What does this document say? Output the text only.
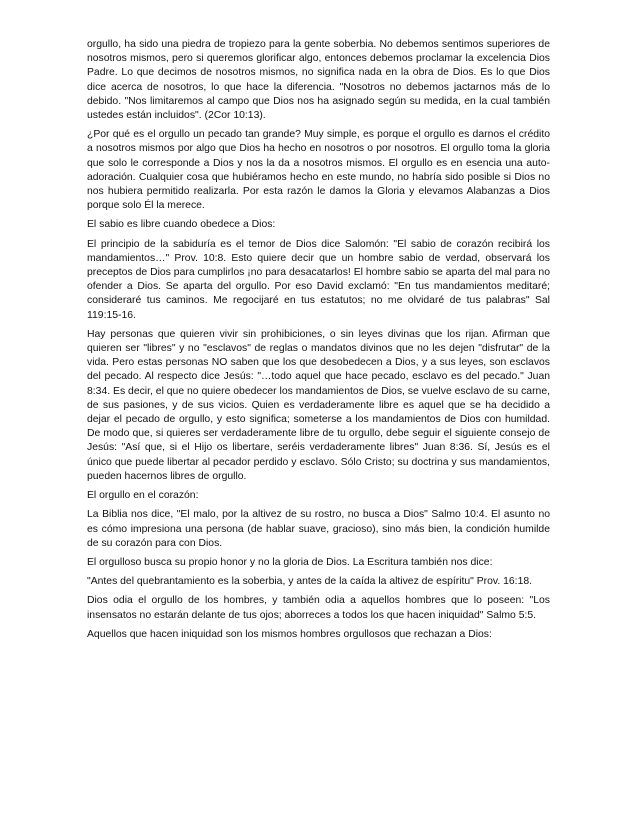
orgullo, ha sido una piedra de tropiezo para la gente soberbia. No debemos sentimos superiores de nosotros mismos, pero si queremos glorificar algo, entonces debemos proclamar la excelencia Dios Padre. Lo que decimos de nosotros mismos, no significa nada en la obra de Dios. Es lo que Dios dice acerca de nosotros, lo que hace la diferencia. "Nosotros no debemos jactarnos más de lo debido. "Nos limitaremos al campo que Dios nos ha asignado según su medida, en la cual también ustedes están incluidos". (2Cor 10:13).

¿Por qué es el orgullo un pecado tan grande? Muy simple, es porque el orgullo es darnos el crédito a nosotros mismos por algo que Dios ha hecho en nosotros o por nosotros. El orgullo toma la gloria que solo le corresponde a Dios y nos la da a nosotros mismos. El orgullo es en esencia una auto-adoración. Cualquier cosa que hubiéramos hecho en este mundo, no habría sido posible si Dios no nos hubiera permitido realizarla. Por esta razón le damos la Gloria y elevamos Alabanzas a Dios porque solo Él la merece.

El sabio es libre cuando obedece a Dios:

El principio de la sabiduría es el temor de Dios dice Salomón: "El sabio de corazón recibirá los mandamientos…" Prov. 10:8. Esto quiere decir que un hombre sabio de verdad, observará los preceptos de Dios para cumplirlos ¡no para desacatarlos! El hombre sabio se aparta del mal para no ofender a Dios. Se aparta del orgullo. Por eso David exclamó: "En tus mandamientos meditaré; consideraré tus caminos. Me regocijaré en tus estatutos; no me olvidaré de tus palabras" Sal 119:15-16.

Hay personas que quieren vivir sin prohibiciones, o sin leyes divinas que los rijan. Afirman que quieren ser "libres" y no "esclavos" de reglas o mandatos divinos que no les dejen "disfrutar" de la vida. Pero estas personas NO saben que los que desobedecen a Dios, y a sus leyes, son esclavos del pecado. Al respecto dice Jesús: "…todo aquel que hace pecado, esclavo es del pecado." Juan 8:34. Es decir, el que no quiere obedecer los mandamientos de Dios, se vuelve esclavo de su carne, de sus pasiones, y de sus vicios. Quien es verdaderamente libre es aquel que se ha decidido a dejar el pecado de orgullo, y esto significa; someterse a los mandamientos de Dios con humildad. De modo que, si quieres ser verdaderamente libre de tu orgullo, debe seguir el siguiente consejo de Jesús: "Así que, si el Hijo os libertare, seréis verdaderamente libres" Juan 8:36. Sí, Jesús es el único que puede libertar al pecador perdido y esclavo. Sólo Cristo; su doctrina y sus mandamientos, pueden hacernos libres de orgullo.

El orgullo en el corazón:

La Biblia nos dice, "El malo, por la altivez de su rostro, no busca a Dios" Salmo 10:4. El asunto no es cómo impresiona una persona (de hablar suave, gracioso), sino más bien, la condición humilde de su corazón para con Dios.

El orgulloso busca su propio honor y no la gloria de Dios. La Escritura también nos dice:

"Antes del quebrantamiento es la soberbia, y antes de la caída la altivez de espíritu" Prov. 16:18.

Dios odia el orgullo de los hombres, y también odia a aquellos hombres que lo poseen: "Los insensatos no estarán delante de tus ojos; aborreces a todos los que hacen iniquidad" Salmo 5:5.

Aquellos que hacen iniquidad son los mismos hombres orgullosos que rechazan a Dios:
